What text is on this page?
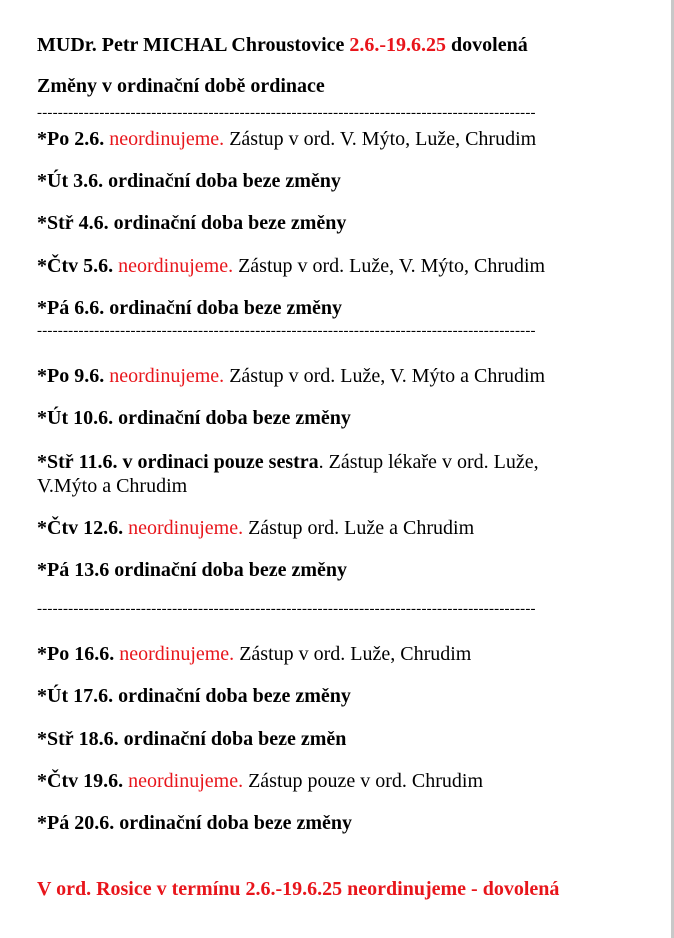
MUDr. Petr MICHAL Chroustovice 2.6.-19.6.25 dovolená
Změny v ordinační době ordinace
------------------------------------------------------------------------------------------------
*Po 2.6. neordinujeme. Zástup v ord. V. Mýto, Luže, Chrudim
*Út 3.6. ordinační doba beze změny
*Stř 4.6. ordinační doba beze změny
*Čtv 5.6. neordinujeme. Zástup v ord. Luže, V. Mýto, Chrudim
*Pá 6.6. ordinační doba beze změny
------------------------------------------------------------------------------------------------
*Po 9.6. neordinujeme. Zástup v ord. Luže, V. Mýto a Chrudim
*Út 10.6. ordinační doba beze změny
*Stř 11.6. v ordinaci pouze sestra. Zástup lékaře v ord. Luže,
V.Mýto a Chrudim
*Čtv 12.6. neordinujeme. Zástup ord. Luže a Chrudim
*Pá 13.6 ordinační doba beze změny
------------------------------------------------------------------------------------------------
*Po 16.6. neordinujeme. Zástup v ord. Luže, Chrudim
*Út 17.6. ordinační doba beze změny
*Stř 18.6. ordinační doba beze změn
*Čtv 19.6. neordinujeme. Zástup pouze v ord. Chrudim
*Pá 20.6. ordinační doba beze změny
V ord. Rosice v termínu 2.6.-19.6.25 neordinujeme - dovolená
